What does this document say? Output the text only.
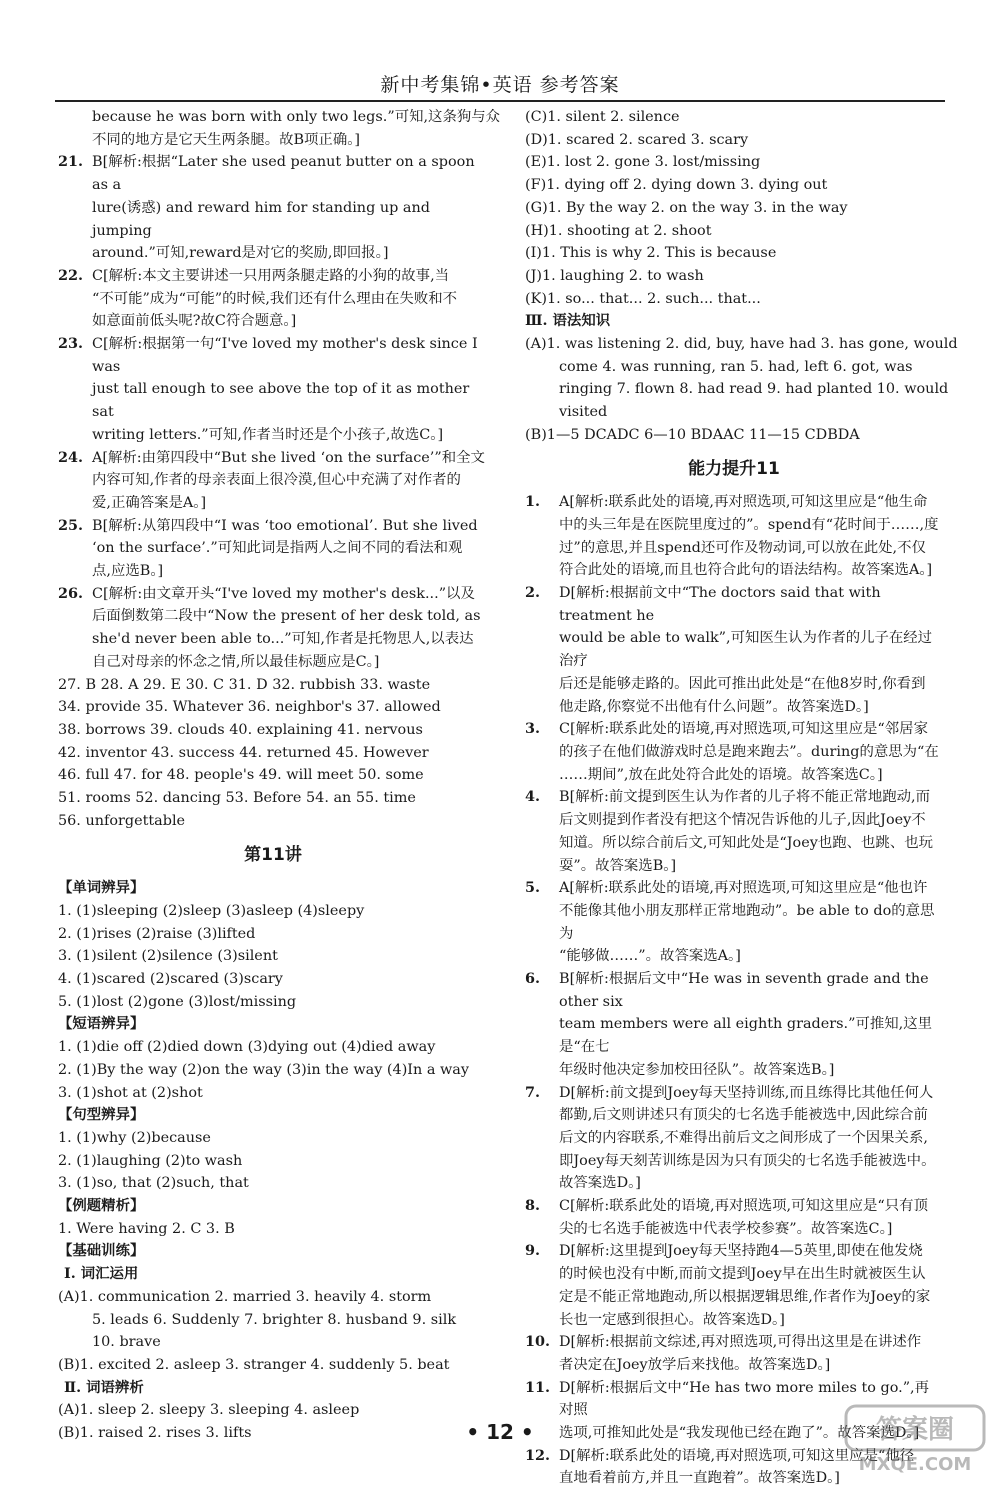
新中考集锦•英语 参考答案
because he was born with only two legs.”可知,这条狗与众
不同的地方是它天生两条腿。故B项正确。]
21. B[解析:根据“Later she used peanut butter on a spoon as a
lure(诱惑) and reward him for standing up and jumping
around.”可知,reward是对它的奖励,即回报。]
22. C[解析:本文主要讲述一只用两条腿走路的小狗的故事,当
“不可能”成为“可能”的时候,我们还有什么理由在失败和不
如意面前低头呢?故C符合题意。]
23. C[解析:根据第一句“I've loved my mother's desk since I was
just tall enough to see above the top of it as mother sat
writing letters.”可知,作者当时还是个小孩子,故选C。]
24. A[解析:由第四段中“But she lived ‘on the surface’”和全文
内容可知,作者的母亲表面上很冷漠,但心中充满了对作者的
爱,正确答案是A。]
25. B[解析:从第四段中“I was ‘too emotional’. But she lived
‘on the surface’.”可知此词是指两人之间不同的看法和观
点,应选B。]
26. C[解析:由文章开头“I've loved my mother's desk...”以及
后面倒数第二段中“Now the present of her desk told, as
she'd never been able to...”可知,作者是托物思人,以表达
自己对母亲的怀念之情,所以最佳标题应是C。]
27. B 28. A 29. E 30. C 31. D 32. rubbish 33. waste
34. provide 35. Whatever 36. neighbor's 37. allowed
38. borrows 39. clouds 40. explaining 41. nervous
42. inventor 43. success 44. returned 45. However
46. full 47. for 48. people's 49. will meet 50. some
51. rooms 52. dancing 53. Before 54. an 55. time
56. unforgettable
第11讲
【单词辨异】
1. (1)sleeping (2)sleep (3)asleep (4)sleepy
2. (1)rises (2)raise (3)lifted
3. (1)silent (2)silence (3)silent
4. (1)scared (2)scared (3)scary
5. (1)lost (2)gone (3)lost/missing
【短语辨异】
1. (1)die off (2)died down (3)dying out (4)died away
2. (1)By the way (2)on the way (3)in the way (4)In a way
3. (1)shot at (2)shot
【句型辨异】
1. (1)why (2)because
2. (1)laughing (2)to wash
3. (1)so, that (2)such, that
【例题精析】
1. Were having 2. C 3. B
【基础训练】
Ⅰ. 词汇运用
(A)1. communication 2. married 3. heavily 4. storm
5. leads 6. Suddenly 7. brighter 8. husband 9. silk
10. brave
(B)1. excited 2. asleep 3. stranger 4. suddenly 5. beat
Ⅱ. 词语辨析
(A)1. sleep 2. sleepy 3. sleeping 4. asleep
(B)1. raised 2. rises 3. lifts
(C)1. silent 2. silence
(D)1. scared 2. scared 3. scary
(E)1. lost 2. gone 3. lost/missing
(F)1. dying off 2. dying down 3. dying out
(G)1. By the way 2. on the way 3. in the way
(H)1. shooting at 2. shoot
(I)1. This is why 2. This is because
(J)1. laughing 2. to wash
(K)1. so... that... 2. such... that...
Ⅲ. 语法知识
(A)1. was listening 2. did, buy, have had 3. has gone, would
come 4. was running, ran 5. had, left 6. got, was
ringing 7. flown 8. had read 9. had planted 10. would
visited
(B)1—5 DCADC 6—10 BDAAC 11—15 CDBDA
能力提升11
1. A[解析:联系此处的语境,再对照选项,可知这里应是“他生命
中的头三年是在医院里度过的”。spend有“花时间于……,度
过”的意思,并且spend还可作及物动词,可以放在此处,不仅
符合此处的语境,而且也符合此句的语法结构。故答案选A。]
2. D[解析:根据前文中“The doctors said that with treatment he
would be able to walk”,可知医生认为作者的儿子在经过治疗
后还是能够走路的。因此可推出此处是“在他8岁时,你看到
他走路,你察觉不出他有什么问题”。故答案选D。]
3. C[解析:联系此处的语境,再对照选项,可知这里应是“邻居家
的孩子在他们做游戏时总是跑来跑去”。during的意思为“在
……期间”,放在此处符合此处的语境。故答案选C。]
4. B[解析:前文提到医生认为作者的儿子将不能正常地跑动,而
后文则提到作者没有把这个情况告诉他的儿子,因此Joey不
知道。所以综合前后文,可知此处是“Joey也跑、也跳、也玩
耍”。故答案选B。]
5. A[解析:联系此处的语境,再对照选项,可知这里应是“他也许
不能像其他小朋友那样正常地跑动”。be able to do的意思为
“能够做……”。故答案选A。]
6. B[解析:根据后文中“He was in seventh grade and the other six
team members were all eighth graders.”可推知,这里是“在七
年级时他决定参加校田径队”。故答案选B。]
7. D[解析:前文提到Joey每天坚持训练,而且练得比其他任何人
都勤,后文则讲述只有顶尖的七名选手能被选中,因此综合前
后文的内容联系,不难得出前后文之间形成了一个因果关系,
即Joey每天刻苦训练是因为只有顶尖的七名选手能被选中。
故答案选D。]
8. C[解析:联系此处的语境,再对照选项,可知这里应是“只有顶
尖的七名选手能被选中代表学校参赛”。故答案选C。]
9. D[解析:这里提到Joey每天坚持跑4—5英里,即使在他发烧
的时候也没有中断,而前文提到Joey早在出生时就被医生认
定是不能正常地跑动,所以根据逻辑思维,作者作为Joey的家
长也一定感到很担心。故答案选D。]
10. D[解析:根据前文综述,再对照选项,可得出这里是在讲述作
者决定在Joey放学后来找他。故答案选D。]
11. D[解析:根据后文中“He has two more miles to go.”,再对照
选项,可推知此处是“我发现他已经在跑了”。故答案选D。]
12. D[解析:联系此处的语境,再对照选项,可知这里应是“他径
直地看着前方,并且一直跑着”。故答案选D。]
• 12 •	答案圈
MXQE.COM
